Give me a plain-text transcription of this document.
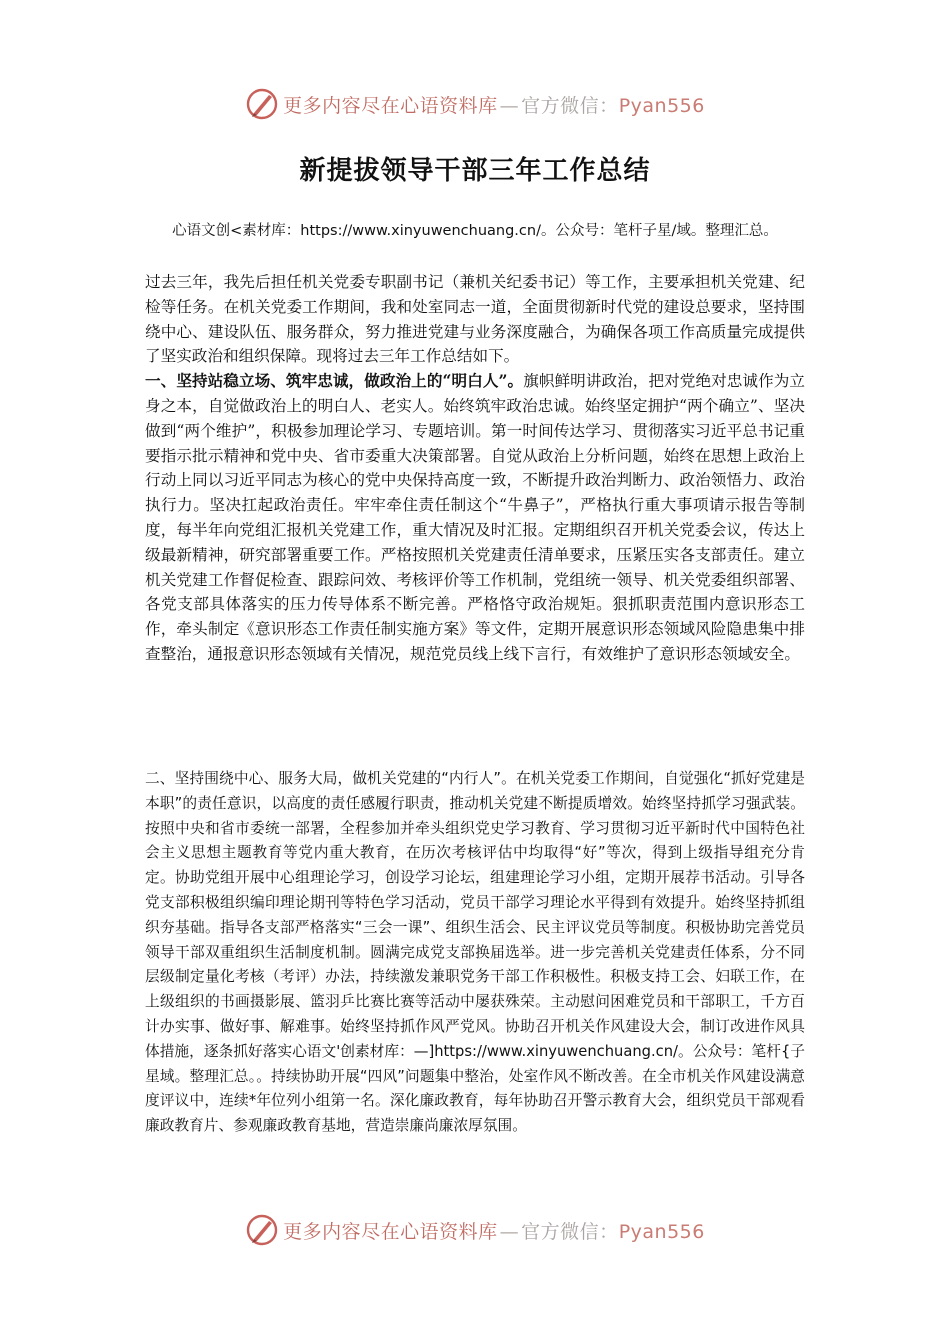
更多内容尽在心语资料库 — 官方微信：Pyan556
新提拔领导干部三年工作总结
心语文创<素材库：https://www.xinyuwenchuang.cn/。公众号：笔杆子星/域。整理汇总。

过去三年，我先后担任机关党委专职副书记（兼机关纪委书记）等工作，主要承担机关党建、纪检等任务。在机关党委工作期间，我和处室同志一道，全面贯彻新时代党的建设总要求，坚持围绕中心、建设队伍、服务群众，努力推进党建与业务深度融合，为确保各项工作高质量完成提供了坚实政治和组织保障。现将过去三年工作总结如下。

一、坚持站稳立场、筑牢忠诚，做政治上的“明白人”。旗帜鲜明讲政治，把对党绝对忠诚作为立身之本，自觉做政治上的明白人、老实人。始终筑牢政治忠诚。始终坚定拥护“两个确立”、坚决做到“两个维护”，积极参加理论学习、专题培训。第一时间传达学习、贯彻落实习近平总书记重要指示批示精神和党中央、省市委重大决策部署。自觉从政治上分析问题，始终在思想上政治上行动上同以习近平同志为核心的党中央保持高度一致，不断提升政治判断力、政治领悟力、政治执行力。坚决扛起政治责任。牢牢牵住责任制这个“牛鼻子”，严格执行重大事项请示报告等制度，每半年向党组汇报机关党建工作，重大情况及时汇报。定期组织召开机关党委会议，传达上级最新精神，研究部署重要工作。严格按照机关党建责任清单要求，压紧压实各支部责任。建立机关党建工作督促检查、跟踪问效、考核评价等工作机制，党组统一领导、机关党委组织部署、各党支部具体落实的压力传导体系不断完善。严格恪守政治规矩。狠抓职责范围内意识形态工作，牵头制定《意识形态工作责任制实施方案》等文件，定期开展意识形态领域风险隐患集中排查整治，通报意识形态领域有关情况，规范党员线上线下言行，有效维护了意识形态领域安全。

二、坚持围绕中心、服务大局，做机关党建的“内行人”。在机关党委工作期间，自觉强化“抓好党建是本职”的责任意识，以高度的责任感履行职责，推动机关党建不断提质增效。始终坚持抓学习强武装。按照中央和省市委统一部署，全程参加并牵头组织党史学习教育、学习贯彻习近平新时代中国特色社会主义思想主题教育等党内重大教育，在历次考核评估中均取得“好”等次，得到上级指导组充分肯定。协助党组开展中心组理论学习，创设学习论坛，组建理论学习小组，定期开展荐书活动。引导各党支部积极组织编印理论期刊等特色学习活动，党员干部学习理论水平得到有效提升。始终坚持抓组织夯基础。指导各支部严格落实“三会一课”、组织生活会、民主评议党员等制度。积极协助完善党员领导干部双重组织生活制度机制。圆满完成党支部换届选举。进一步完善机关党建责任体系，分不同层级制定量化考核（考评）办法，持续激发兼职党务干部工作积极性。积极支持工会、妇联工作，在上级组织的书画摄影展、篮羽乒比赛比赛等活动中屡获殊荣。主动慰问困难党员和干部职工，千方百计办实事、做好事、解难事。始终坚持抓作风严党风。协助召开机关作风建设大会，制订改进作风具体措施，逐条抓好落实心语文'创素材库：—]https://www.xinyuwenchuang.cn/。公众号：笔杆{子星域。整理汇总。。持续协助开展“四风”问题集中整治，处室作风不断改善。在全市机关作风建设满意度评议中，连续*年位列小组第一名。深化廉政教育，每年协助召开警示教育大会，组织党员干部观看廉政教育片、参观廉政教育基地，营造崇廉尚廉浓厚氛围。

更多内容尽在心语资料库 — 官方微信：Pyan556
